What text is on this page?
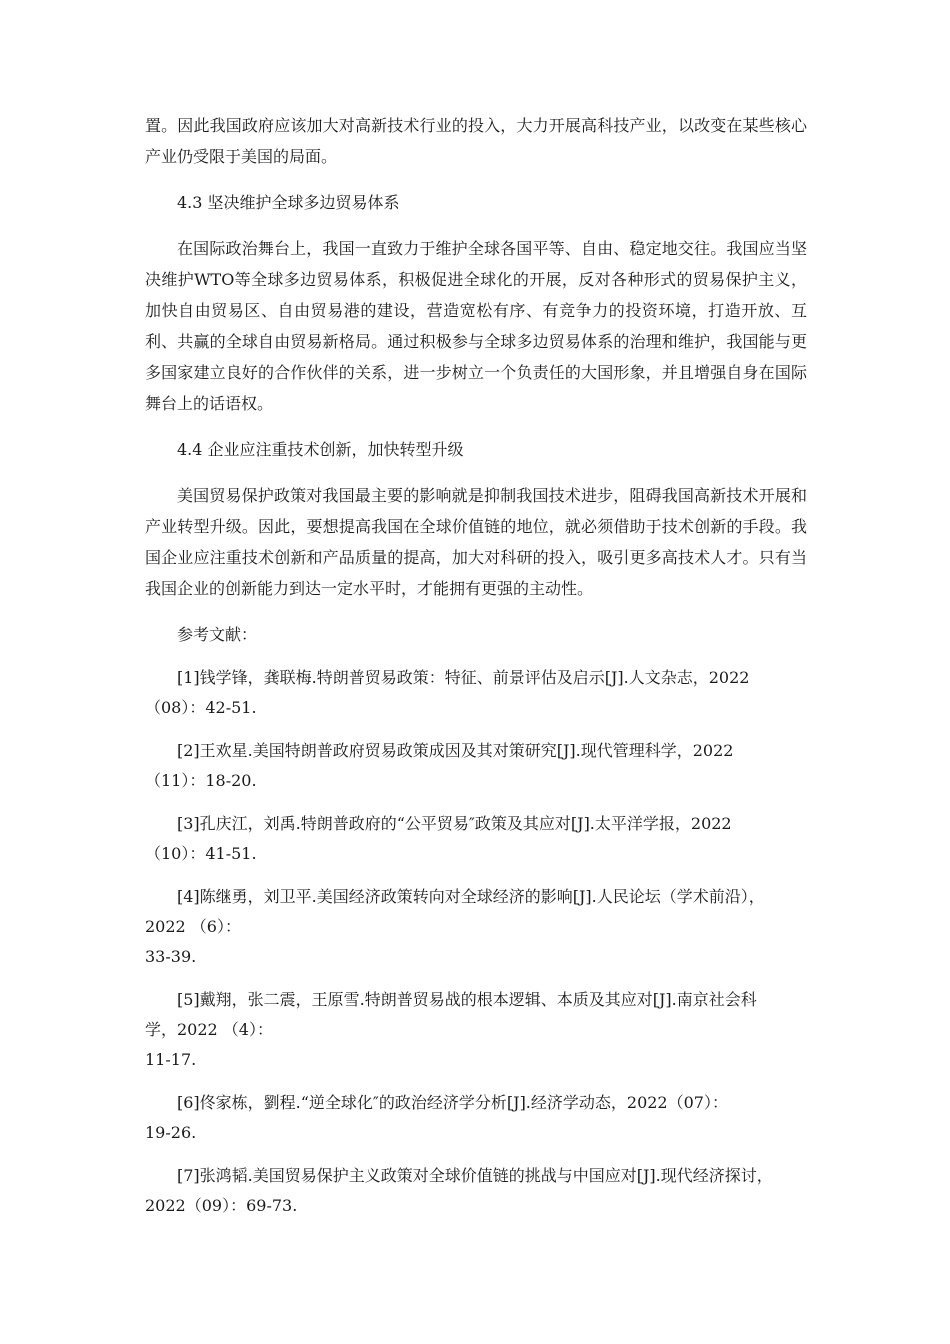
置。因此我国政府应该加大对高新技术行业的投入，大力开展高科技产业，以改变在某些核心产业仍受限于美国的局面。

4.3 坚决维护全球多边贸易体系

在国际政治舞台上，我国一直致力于维护全球各国平等、自由、稳定地交往。我国应当坚决维护WTO等全球多边贸易体系，积极促进全球化的开展，反对各种形式的贸易保护主义，加快自由贸易区、自由贸易港的建设，营造宽松有序、有竞争力的投资环境，打造开放、互利、共赢的全球自由贸易新格局。通过积极参与全球多边贸易体系的治理和维护，我国能与更多国家建立良好的合作伙伴的关系，进一步树立一个负责任的大国形象，并且增强自身在国际舞台上的话语权。

4.4 企业应注重技术创新，加快转型升级

美国贸易保护政策对我国最主要的影响就是抑制我国技术进步，阻碍我国高新技术开展和产业转型升级。因此，要想提高我国在全球价值链的地位，就必须借助于技术创新的手段。我国企业应注重技术创新和产品质量的提高，加大对科研的投入，吸引更多高技术人才。只有当我国企业的创新能力到达一定水平时，才能拥有更强的主动性。

参考文献：

[1]钱学锋，龚联梅.特朗普贸易政策：特征、前景评估及启示[J].人文杂志，2022
（08）：42-51.

[2]王欢星.美国特朗普政府贸易政策成因及其对策研究[J].现代管理科学，2022
（11）：18-20.

[3]孔庆江，刘禹.特朗普政府的“公平贸易″政策及其应对[J].太平洋学报，2022
（10）：41-51.

[4]陈继勇，刘卫平.美国经济政策转向对全球经济的影响[J].人民论坛（学术前沿），
2022 （6）：
33-39.

[5]戴翔，张二震，王原雪.特朗普贸易战的根本逻辑、本质及其应对[J].南京社会科
学，2022 （4）：
11-17.

[6]佟家栋，劉程.“逆全球化″的政治经济学分析[J].经济学动态，2022（07）：
19-26.

[7]张鸿韬.美国贸易保护主义政策对全球价值链的挑战与中国应对[J].现代经济探讨，
2022（09）：69-73.
